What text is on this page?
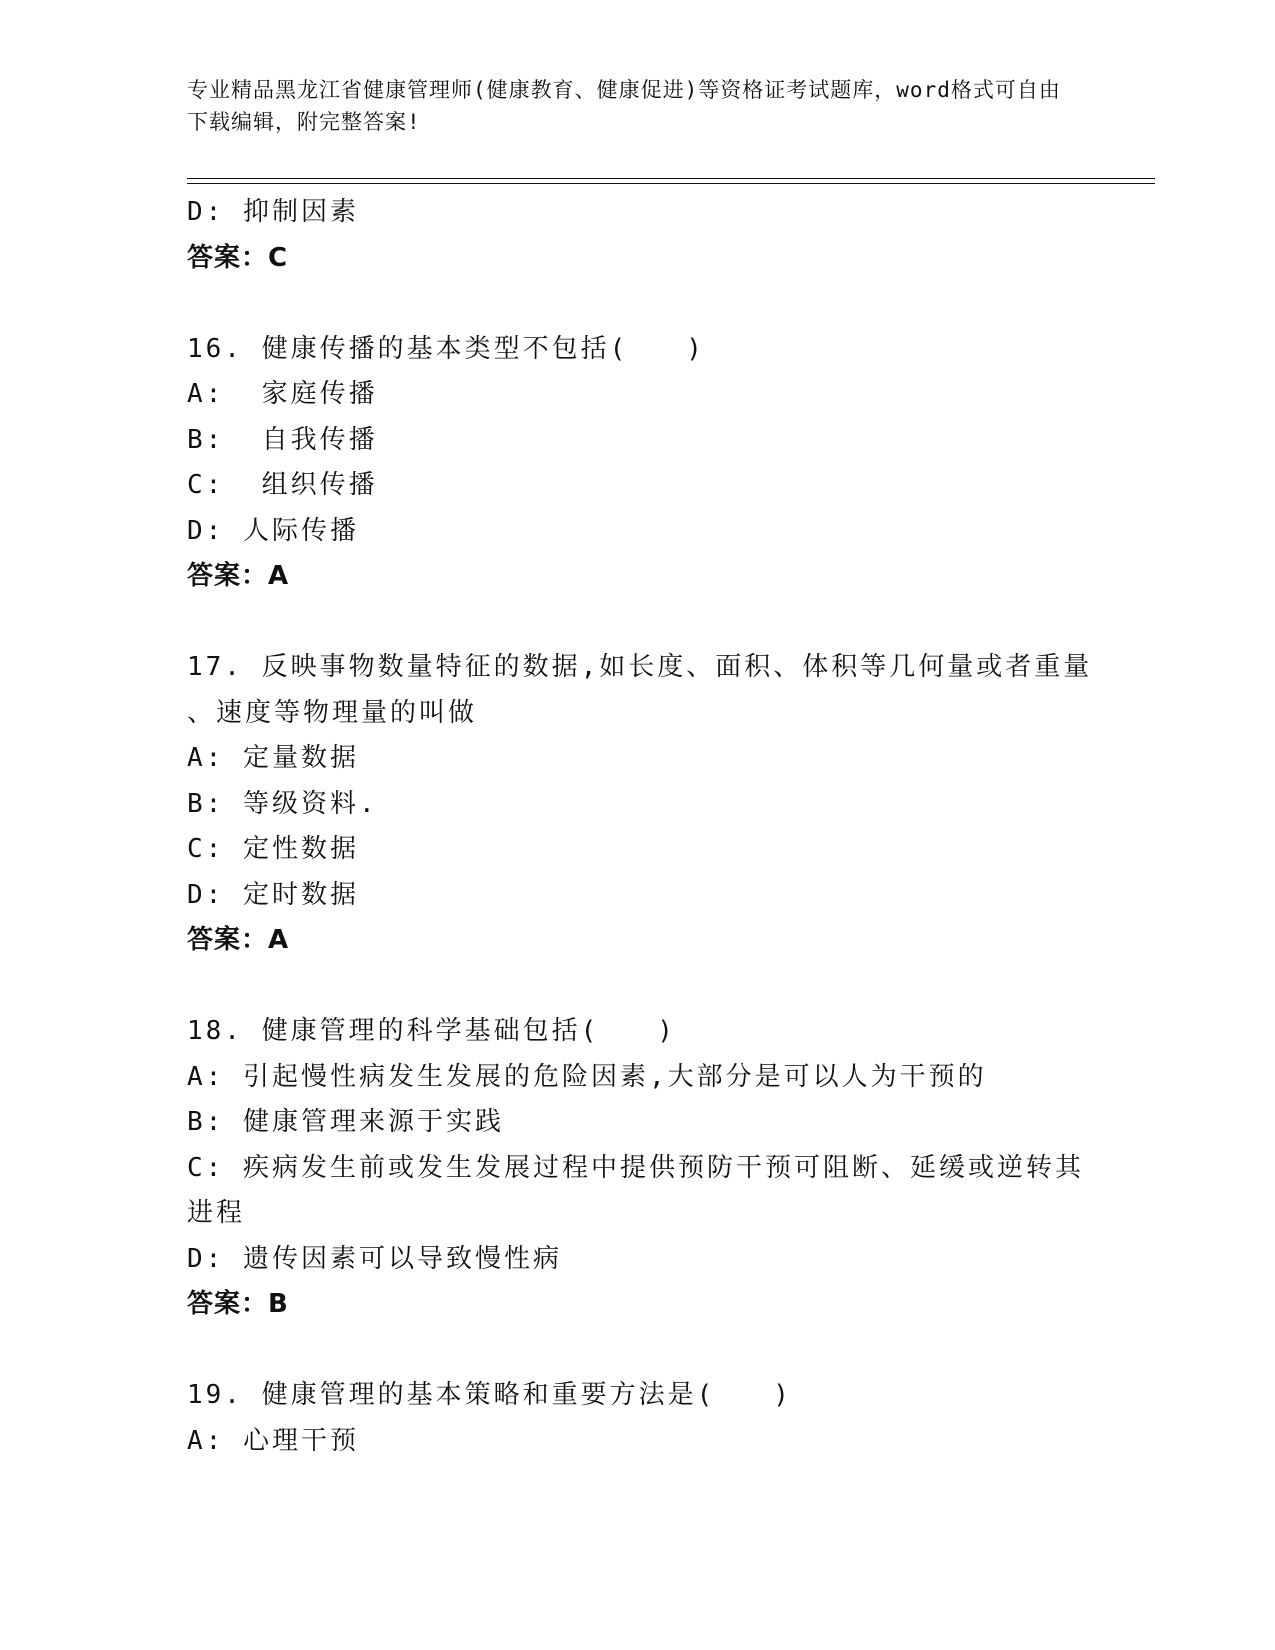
专业精品黑龙江省健康管理师(健康教育、健康促进)等资格证考试题库，word格式可自由下载编辑，附完整答案!
D: 抑制因素
答案：C
16. 健康传播的基本类型不包括(　　)
A:  家庭传播
B:  自我传播
C:  组织传播
D: 人际传播
答案：A
17. 反映事物数量特征的数据,如长度、面积、体积等几何量或者重量
、速度等物理量的叫做
A: 定量数据
B: 等级资料.
C: 定性数据
D: 定时数据
答案：A
18. 健康管理的科学基础包括(　　)
A: 引起慢性病发生发展的危险因素,大部分是可以人为干预的
B: 健康管理来源于实践
C: 疾病发生前或发生发展过程中提供预防干预可阻断、延缓或逆转其
进程
D: 遗传因素可以导致慢性病
答案：B
19. 健康管理的基本策略和重要方法是(　　)
A: 心理干预
